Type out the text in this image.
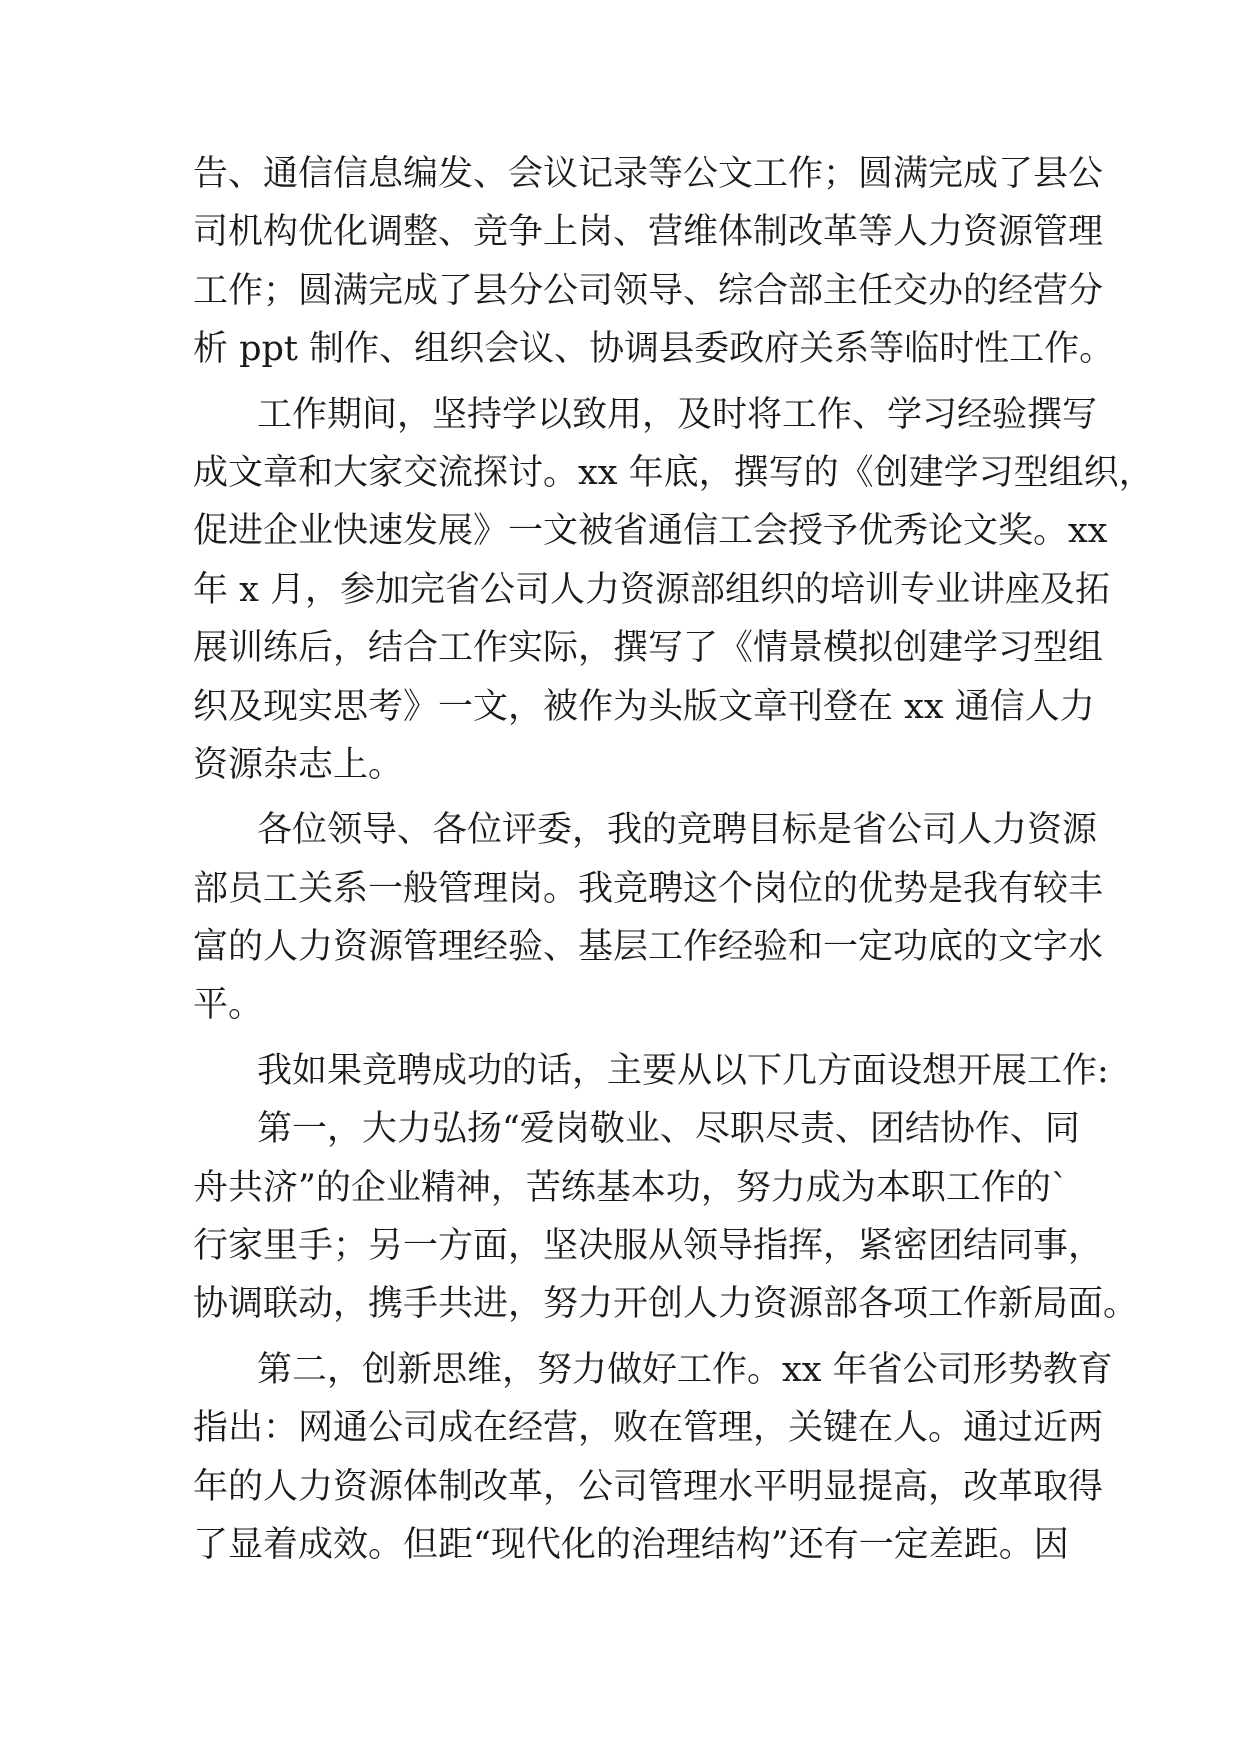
告、通信信息编发、会议记录等公文工作；圆满完成了县公
司机构优化调整、竞争上岗、营维体制改革等人力资源管理
工作；圆满完成了县分公司领导、综合部主任交办的经营分
析 ppt 制作、组织会议、协调县委政府关系等临时性工作。
工作期间，坚持学以致用，及时将工作、学习经验撰写
成文章和大家交流探讨。xx 年底，撰写的《创建学习型组织，
促进企业快速发展》一文被省通信工会授予优秀论文奖。xx
年 x 月，参加完省公司人力资源部组织的培训专业讲座及拓
展训练后，结合工作实际，撰写了《情景模拟创建学习型组
织及现实思考》一文，被作为头版文章刊登在 xx 通信人力
资源杂志上。
各位领导、各位评委，我的竞聘目标是省公司人力资源
部员工关系一般管理岗。我竞聘这个岗位的优势是我有较丰
富的人力资源管理经验、基层工作经验和一定功底的文字水
平。
我如果竞聘成功的话，主要从以下几方面设想开展工作:
第一，大力弘扬“爱岗敬业、尽职尽责、团结协作、同
舟共济”的企业精神，苦练基本功，努力成为本职工作的`
行家里手；另一方面，坚决服从领导指挥，紧密团结同事，
协调联动，携手共进，努力开创人力资源部各项工作新局面。
第二，创新思维，努力做好工作。xx 年省公司形势教育
指出：网通公司成在经营，败在管理，关键在人。通过近两
年的人力资源体制改革，公司管理水平明显提高，改革取得
了显着成效。但距“现代化的治理结构”还有一定差距。因
